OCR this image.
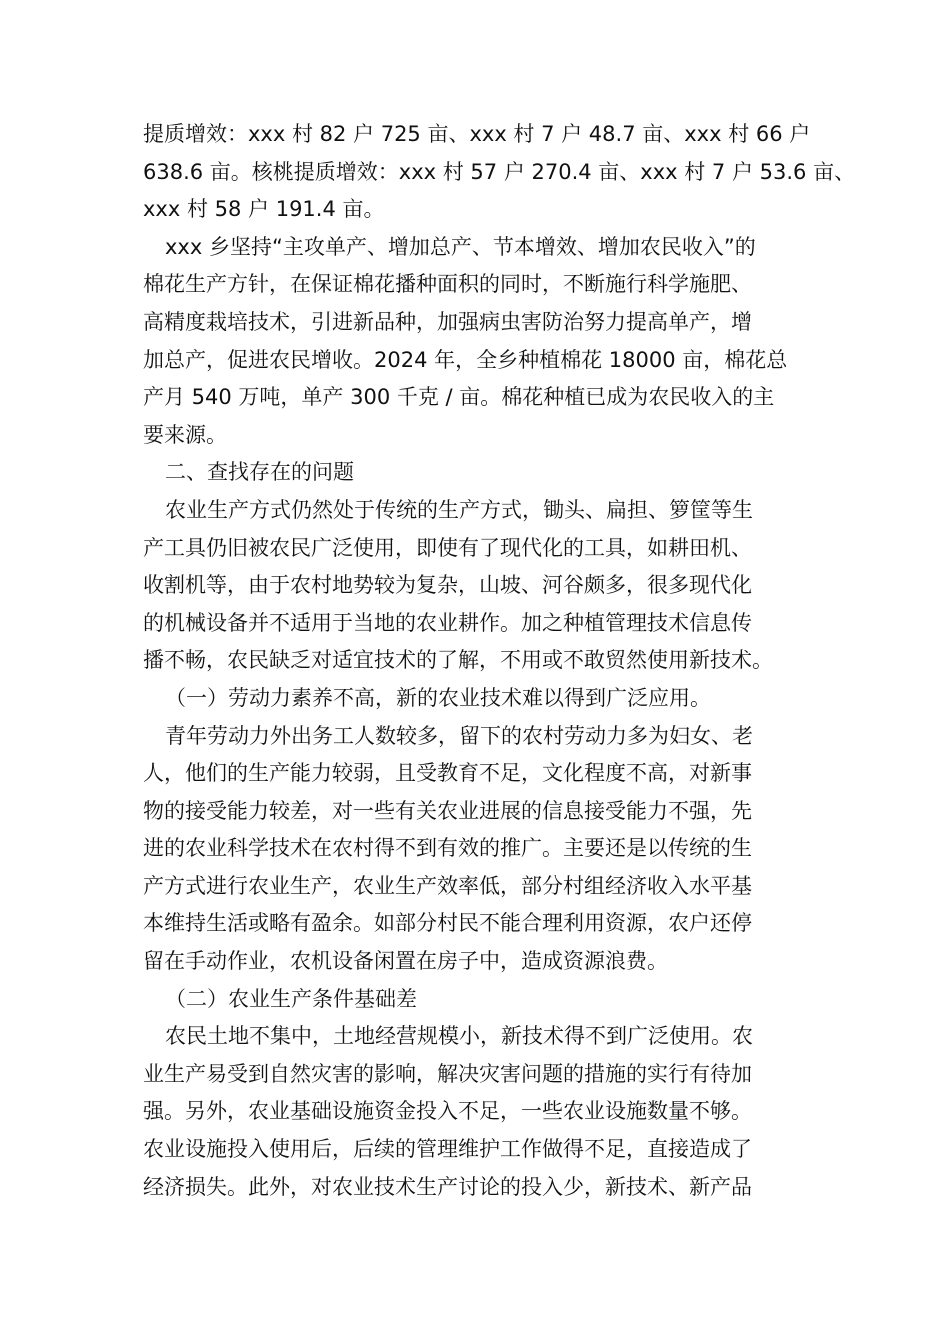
提质增效：xxx 村 82 户 725 亩、xxx 村 7 户 48.7 亩、xxx 村 66 户
638.6 亩。核桃提质增效：xxx 村 57 户 270.4 亩、xxx 村 7 户 53.6 亩、
xxx 村 58 户 191.4 亩。
xxx 乡坚持“主攻单产、增加总产、节本增效、增加农民收入”的
棉花生产方针，在保证棉花播种面积的同时，不断施行科学施肥、
高精度栽培技术，引进新品种，加强病虫害防治努力提高单产，增
加总产，促进农民增收。2024 年，全乡种植棉花 18000 亩，棉花总
产月 540 万吨，单产 300 千克 / 亩。棉花种植已成为农民收入的主
要来源。
二、查找存在的问题
农业生产方式仍然处于传统的生产方式，锄头、扁担、箩筐等生
产工具仍旧被农民广泛使用，即使有了现代化的工具，如耕田机、
收割机等，由于农村地势较为复杂，山坡、河谷颇多，很多现代化
的机械设备并不适用于当地的农业耕作。加之种植管理技术信息传
播不畅，农民缺乏对适宜技术的了解，不用或不敢贸然使用新技术。
（一）劳动力素养不高，新的农业技术难以得到广泛应用。
青年劳动力外出务工人数较多，留下的农村劳动力多为妇女、老
人，他们的生产能力较弱，且受教育不足，文化程度不高，对新事
物的接受能力较差，对一些有关农业进展的信息接受能力不强，先
进的农业科学技术在农村得不到有效的推广。主要还是以传统的生
产方式进行农业生产，农业生产效率低，部分村组经济收入水平基
本维持生活或略有盈余。如部分村民不能合理利用资源，农户还停
留在手动作业，农机设备闲置在房子中，造成资源浪费。
（二）农业生产条件基础差
农民土地不集中，土地经营规模小，新技术得不到广泛使用。农
业生产易受到自然灾害的影响，解决灾害问题的措施的实行有待加
强。另外，农业基础设施资金投入不足，一些农业设施数量不够。
农业设施投入使用后，后续的管理维护工作做得不足，直接造成了
经济损失。此外，对农业技术生产讨论的投入少，新技术、新产品
